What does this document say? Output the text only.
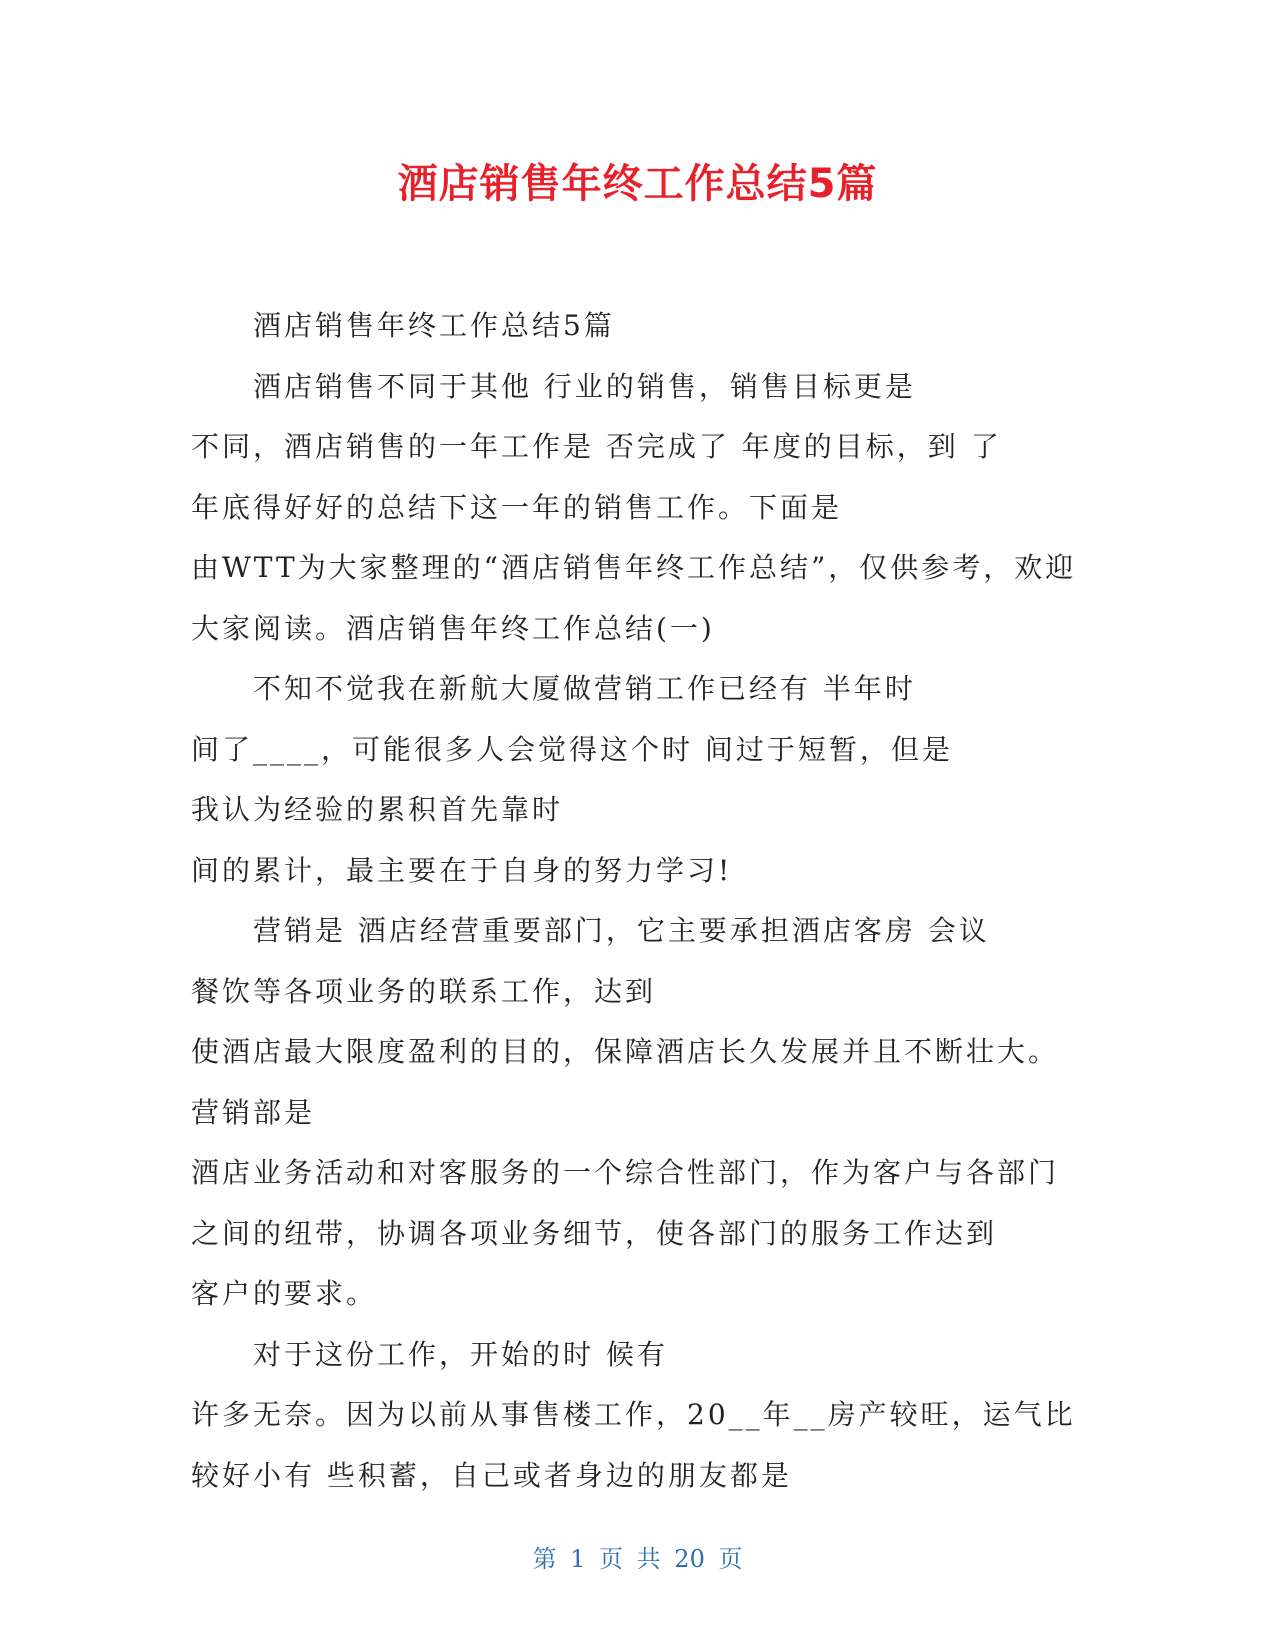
酒店销售年终工作总结5篇
酒店销售年终工作总结5篇
酒店销售不同于其他 行业的销售，销售目标更是
不同，酒店销售的一年工作是 否完成了 年度的目标，到 了
年底得好好的总结下这一年的销售工作。下面是
由WTT为大家整理的“酒店销售年终工作总结”，仅供参考，欢迎
大家阅读。酒店销售年终工作总结(一)
不知不觉我在新航大厦做营销工作已经有 半年时
间了____，可能很多人会觉得这个时 间过于短暂，但是
我认为经验的累积首先靠时
间的累计，最主要在于自身的努力学习!
营销是 酒店经营重要部门，它主要承担酒店客房 会议
餐饮等各项业务的联系工作，达到
使酒店最大限度盈利的目的，保障酒店长久发展并且不断壮大。
营销部是
酒店业务活动和对客服务的一个综合性部门，作为客户与各部门
之间的纽带，协调各项业务细节，使各部门的服务工作达到
客户的要求。
对于这份工作，开始的时 候有
许多无奈。因为以前从事售楼工作，20__年__房产较旺，运气比
较好小有 些积蓄，自己或者身边的朋友都是
第 1 页 共 20 页
